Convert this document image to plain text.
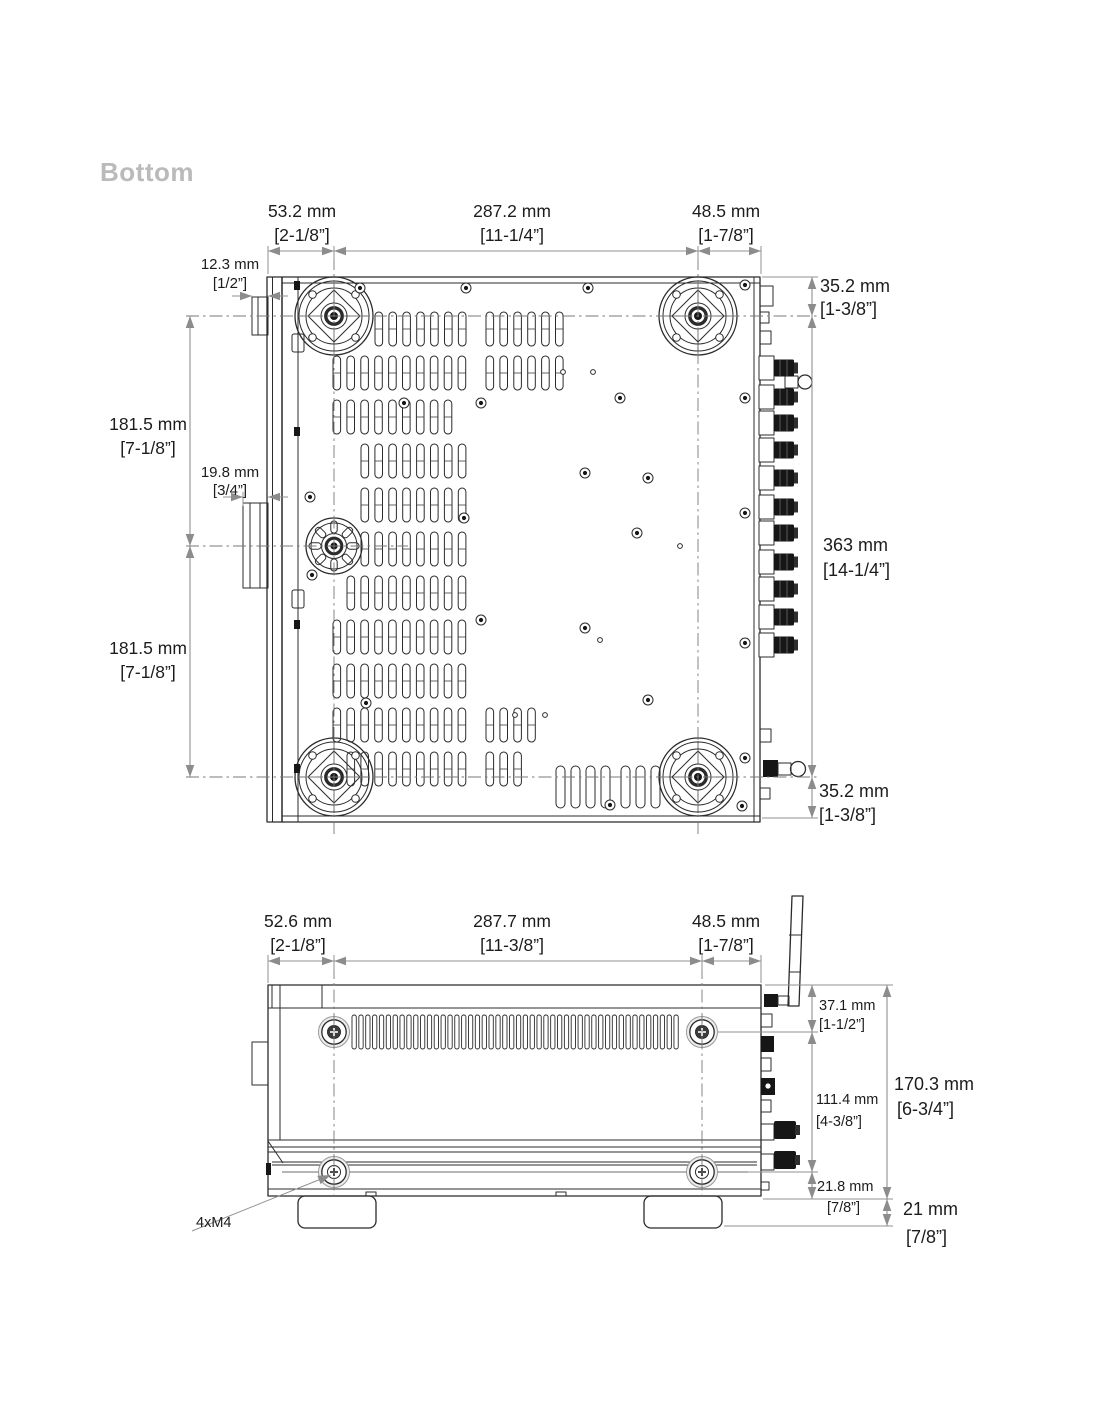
Bottom
53.2 mm
[2-1/8”]
287.2 mm
[11-1/4”]
48.5 mm
[1-7/8”]
12.3 mm
[1/2”]
181.5 mm
[7-1/8”]
19.8 mm
[3/4”]
181.5 mm
[7-1/8”]
35.2 mm
[1-3/8”]
363 mm
[14-1/4”]
35.2 mm
[1-3/8”]
52.6 mm
[2-1/8”]
287.7 mm
[11-3/8”]
48.5 mm
[1-7/8”]
37.1 mm
[1-1/2”]
111.4 mm
[4-3/8”]
170.3 mm
[6-3/4”]
21.8 mm
[7/8”] 21 mm
[7/8”]
4xM4
